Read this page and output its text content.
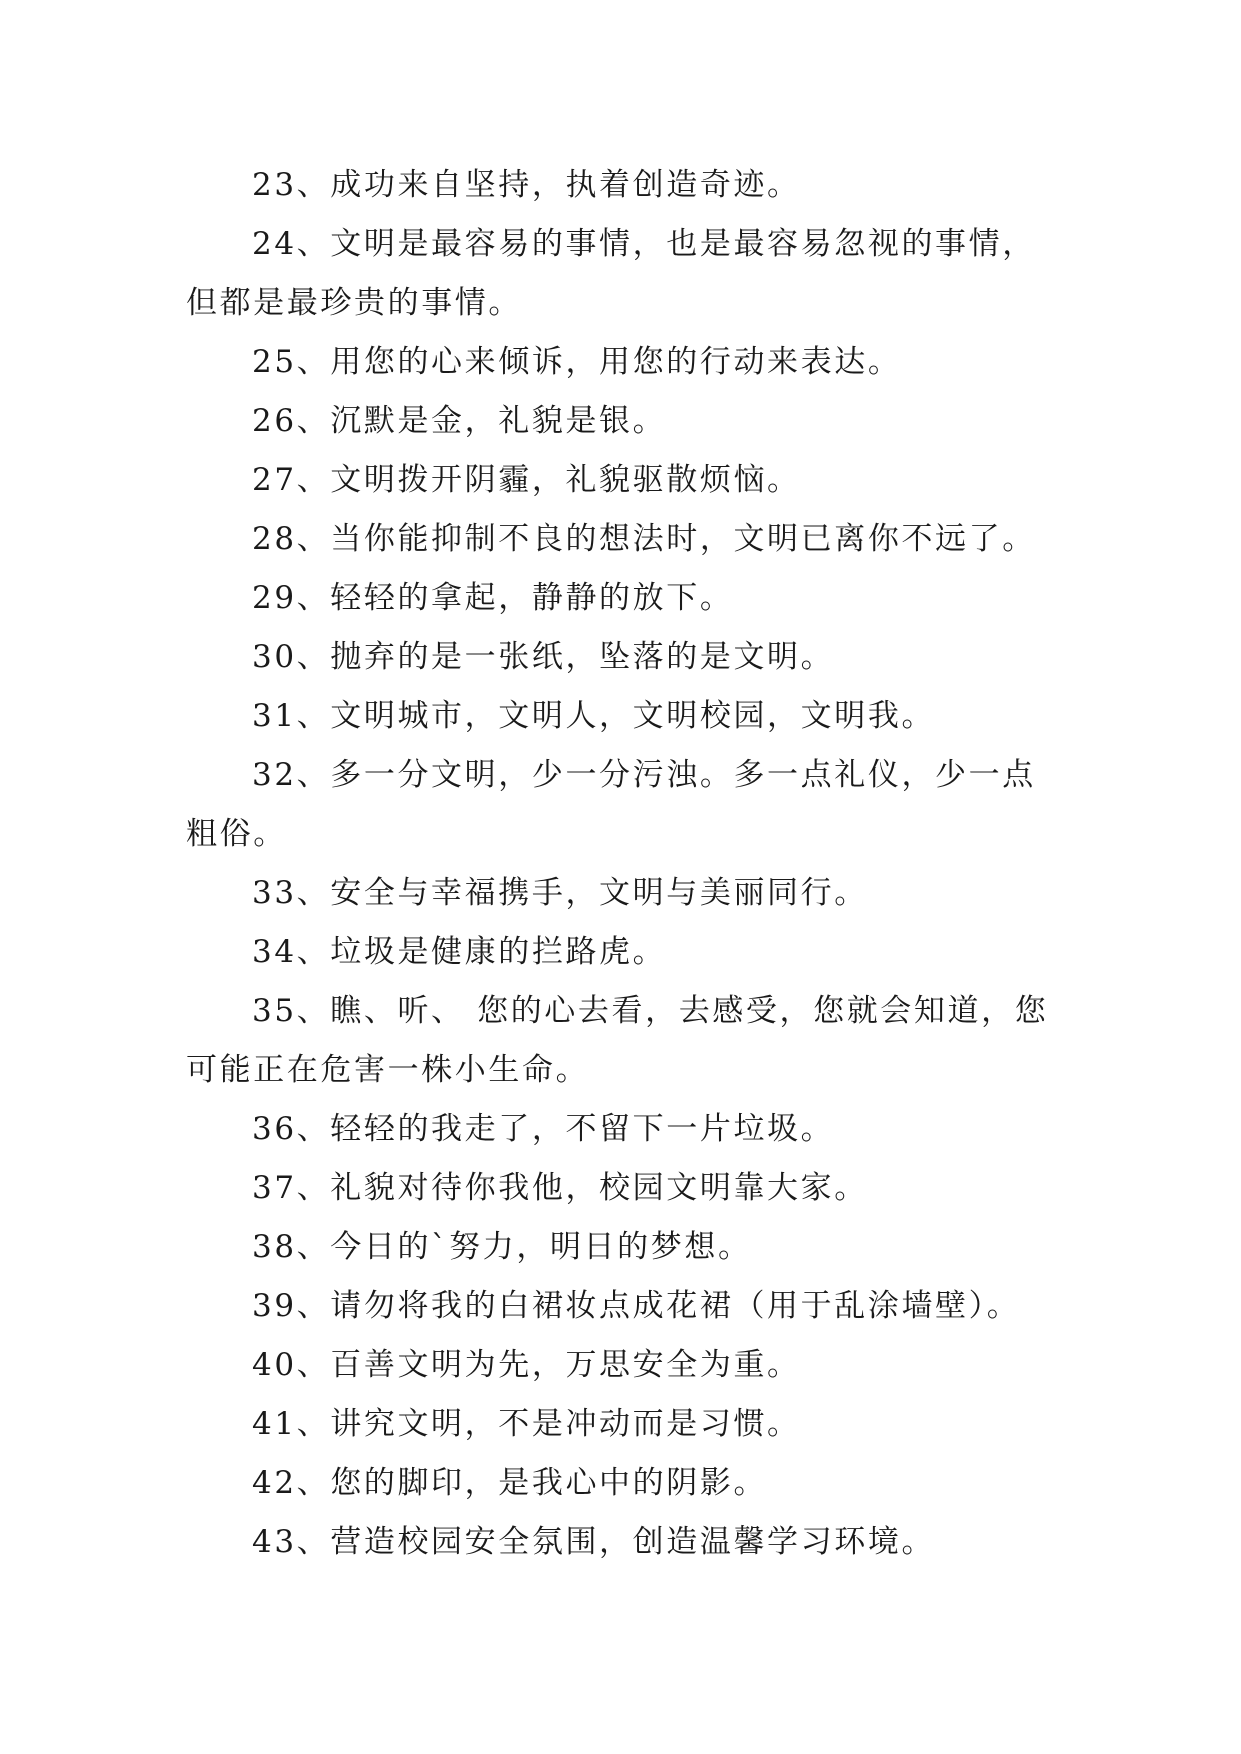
23、成功来自坚持，执着创造奇迹。

24、文明是最容易的事情，也是最容易忽视的事情，但都是最珍贵的事情。

25、用您的心来倾诉，用您的行动来表达。

26、沉默是金，礼貌是银。

27、文明拨开阴霾，礼貌驱散烦恼。

28、当你能抑制不良的想法时，文明已离你不远了。

29、轻轻的拿起，静静的放下。

30、抛弃的是一张纸，坠落的是文明。

31、文明城市，文明人，文明校园，文明我。

32、多一分文明，少一分污浊。多一点礼仪，少一点粗俗。

33、安全与幸福携手，文明与美丽同行。

34、垃圾是健康的拦路虎。

35、瞧、听、 您的心去看，去感受，您就会知道，您可能正在危害一株小生命。

36、轻轻的我走了，不留下一片垃圾。

37、礼貌对待你我他，校园文明靠大家。

38、今日的`努力，明日的梦想。

39、请勿将我的白裙妆点成花裙（用于乱涂墙壁）。

40、百善文明为先，万思安全为重。

41、讲究文明，不是冲动而是习惯。

42、您的脚印，是我心中的阴影。

43、营造校园安全氛围，创造温馨学习环境。
